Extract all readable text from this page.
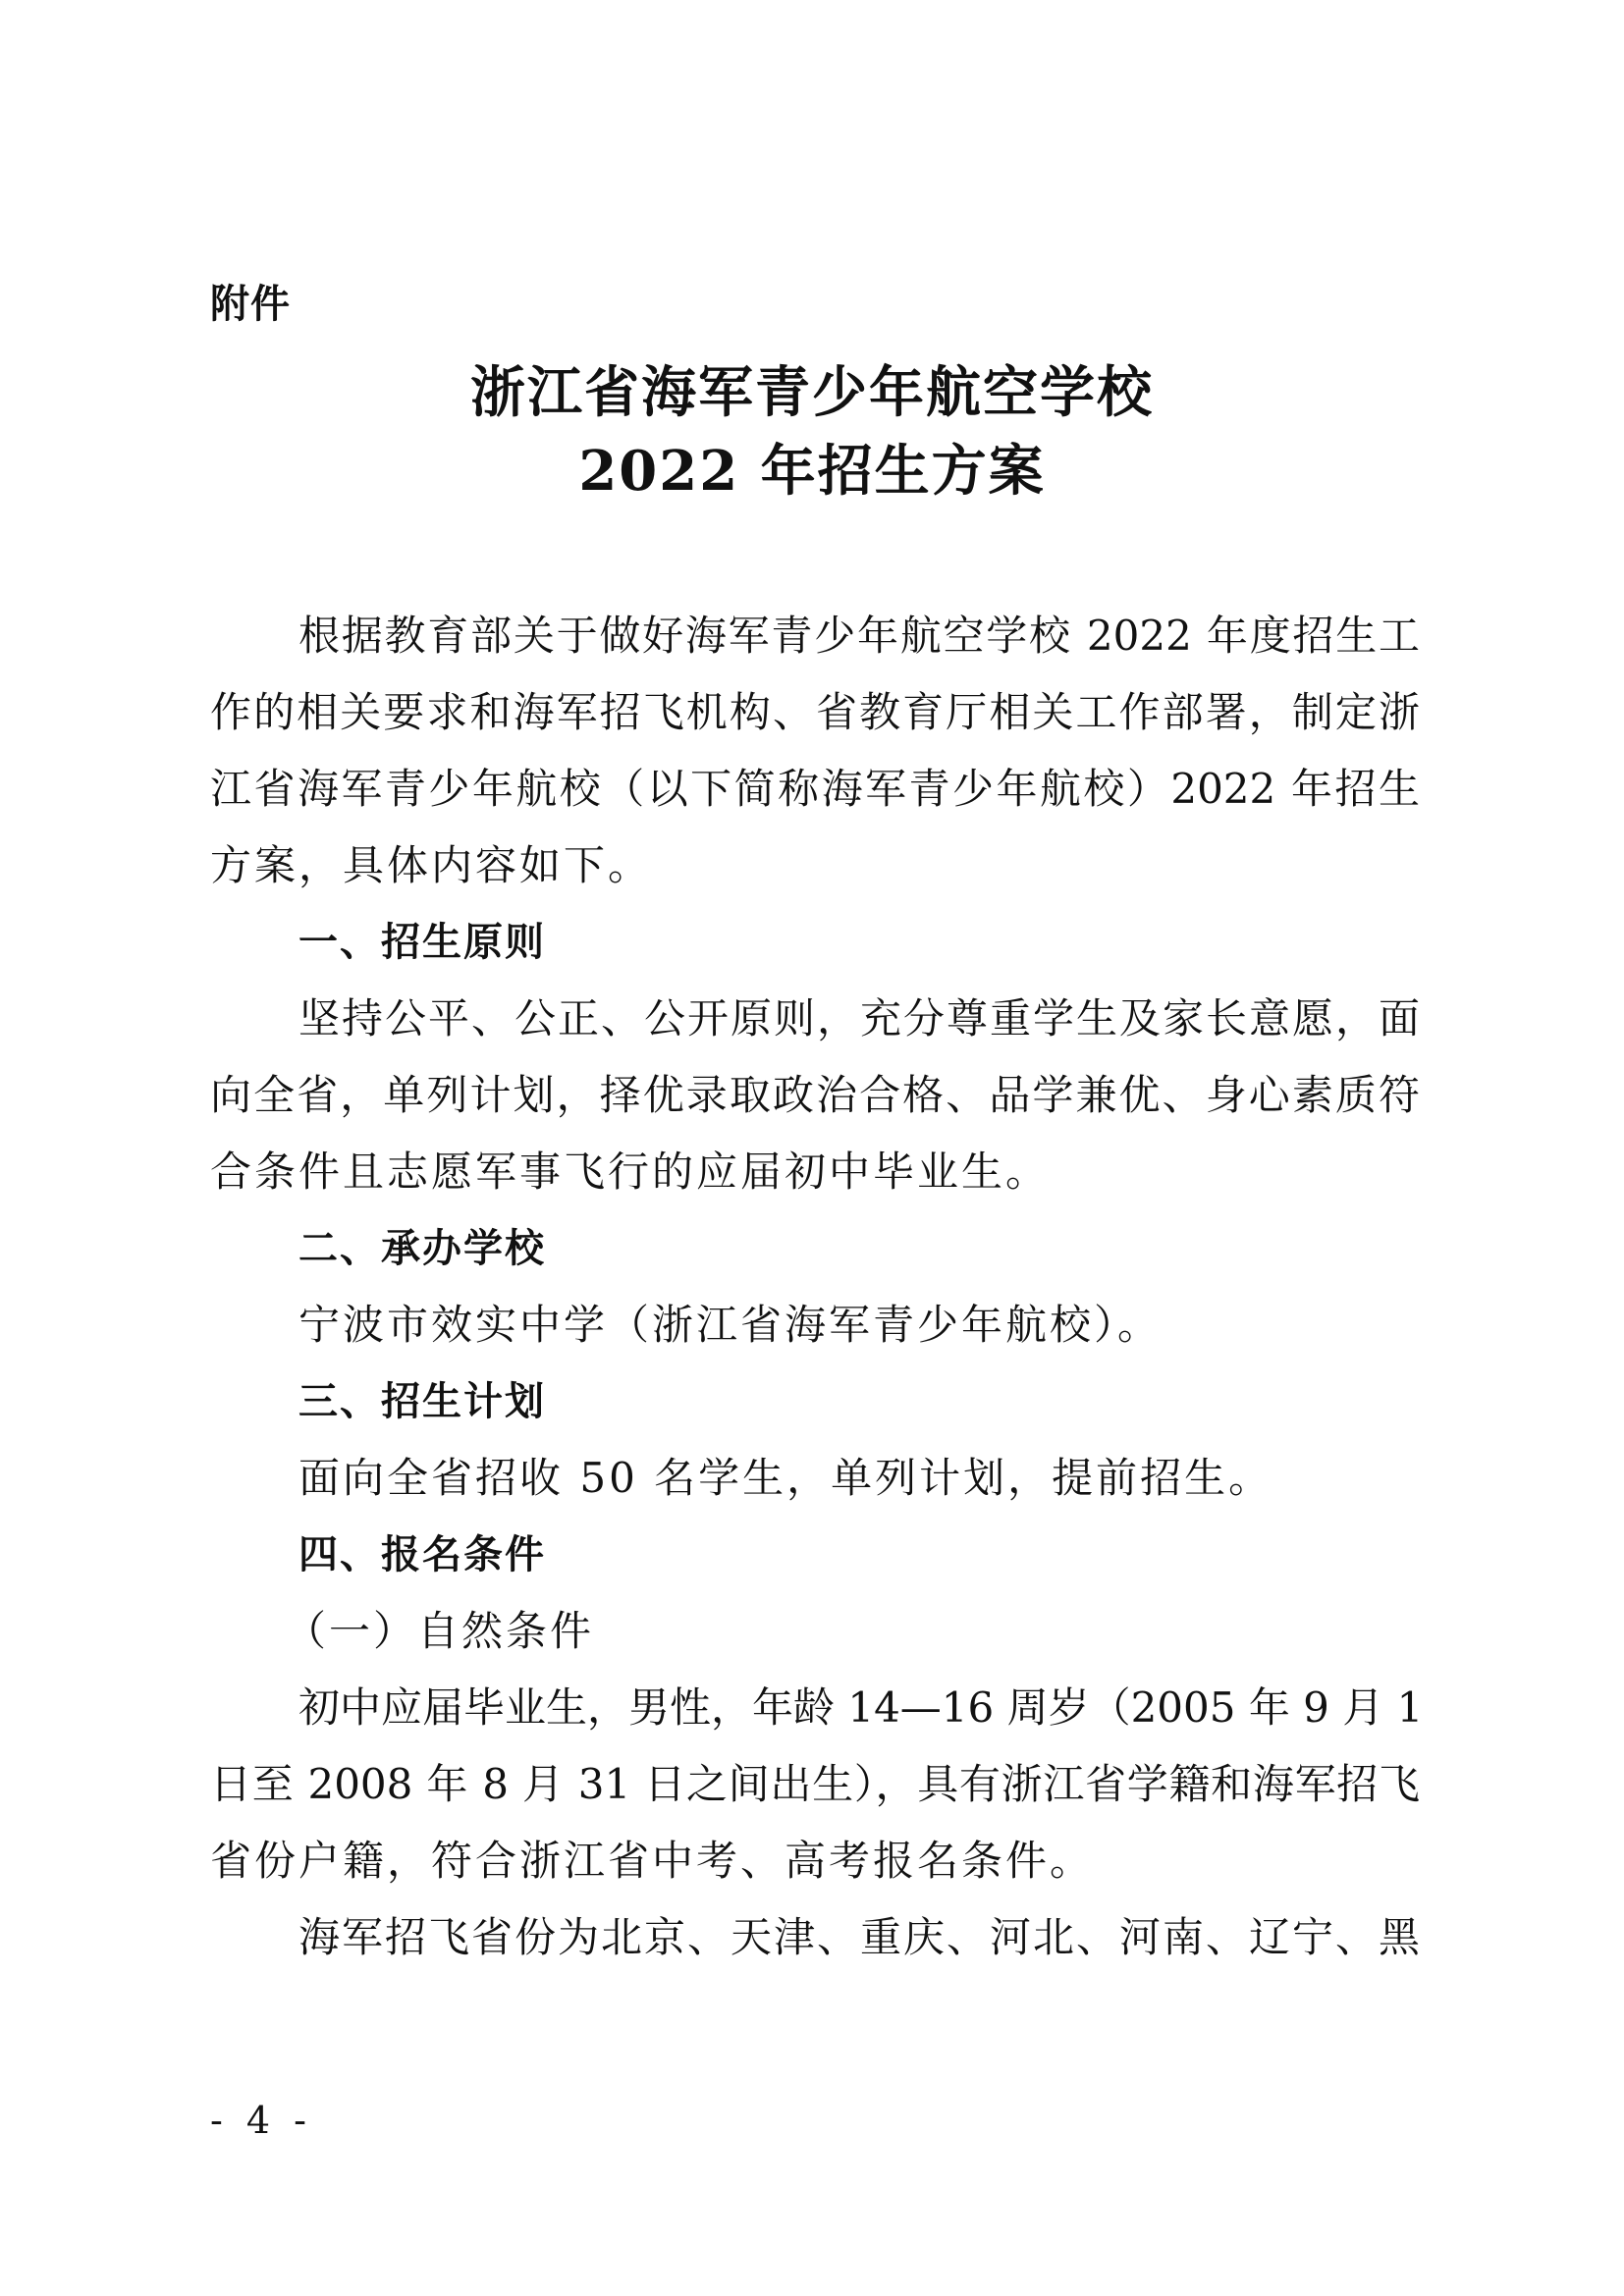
附件
浙江省海军青少年航空学校
2022 年招生方案
根据教育部关于做好海军青少年航空学校 2022 年度招生工
作的相关要求和海军招飞机构、省教育厅相关工作部署，制定浙
江省海军青少年航校（以下简称海军青少年航校）2022 年招生
方案，具体内容如下。
一、招生原则
坚持公平、公正、公开原则，充分尊重学生及家长意愿，面
向全省，单列计划，择优录取政治合格、品学兼优、身心素质符
合条件且志愿军事飞行的应届初中毕业生。
二、承办学校
宁波市效实中学（浙江省海军青少年航校）。
三、招生计划
面向全省招收 50 名学生，单列计划，提前招生。
四、报名条件
（一）自然条件
初中应届毕业生，男性，年龄 14—16 周岁（2005 年 9 月 1
日至 2008 年 8 月 31 日之间出生），具有浙江省学籍和海军招飞
省份户籍，符合浙江省中考、高考报名条件。
海军招飞省份为北京、天津、重庆、河北、河南、辽宁、黑
- 4 -
